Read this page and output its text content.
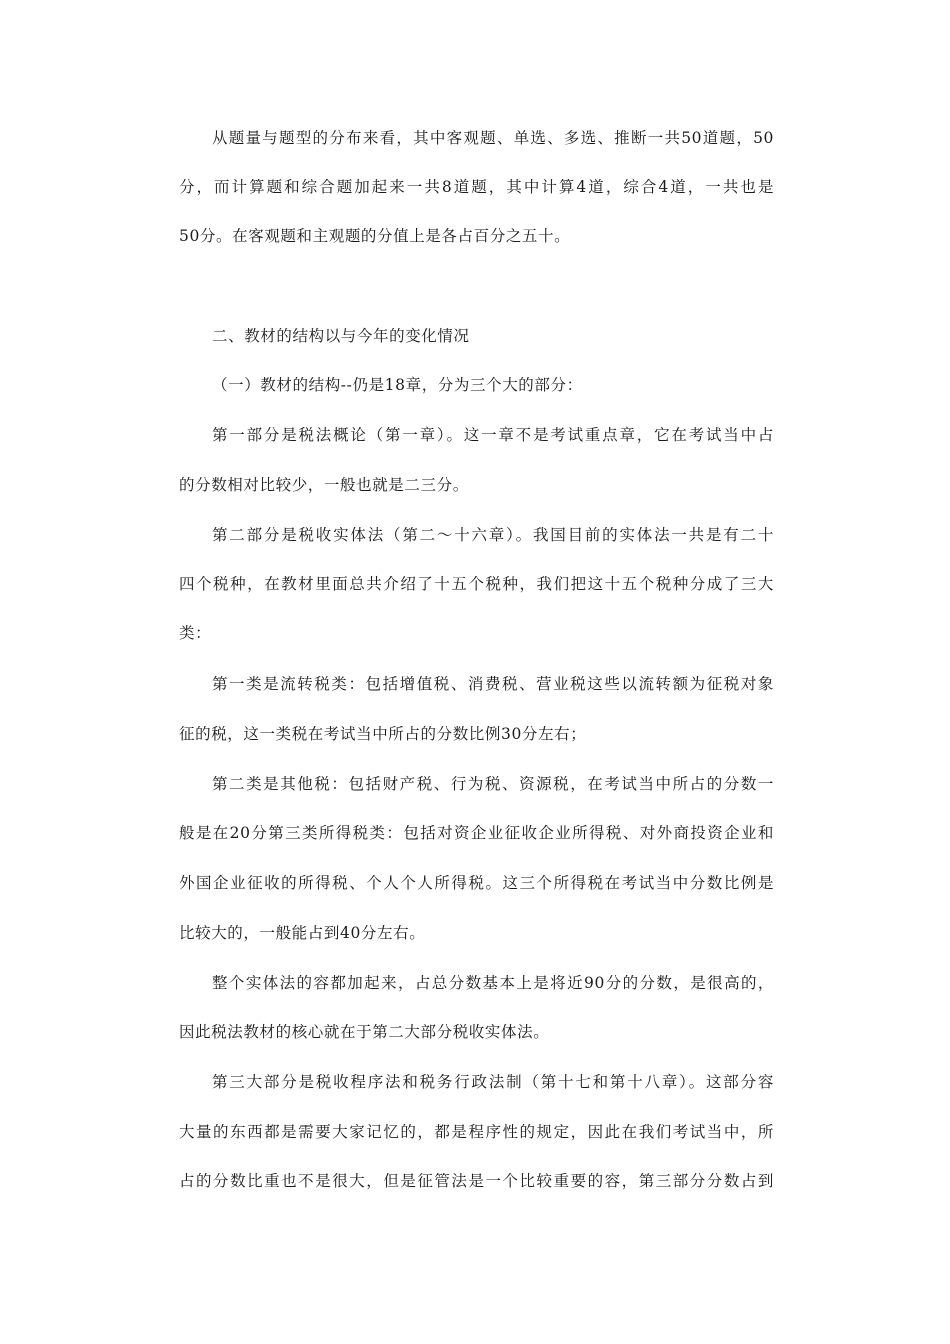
从题量与题型的分布来看，其中客观题、单选、多选、推断一共50道题，50
分，而计算题和综合题加起来一共8道题，其中计算4道，综合4道，一共也是
50分。在客观题和主观题的分值上是各占百分之五十。
二、教材的结构以与今年的变化情况
（一）教材的结构--仍是18章，分为三个大的部分：
第一部分是税法概论（第一章）。这一章不是考试重点章，它在考试当中占
的分数相对比较少，一般也就是二三分。
第二部分是税收实体法（第二～十六章）。我国目前的实体法一共是有二十
四个税种，在教材里面总共介绍了十五个税种，我们把这十五个税种分成了三大
类：
第一类是流转税类：包括增值税、消费税、营业税这些以流转额为征税对象
征的税，这一类税在考试当中所占的分数比例30分左右；
第二类是其他税：包括财产税、行为税、资源税，在考试当中所占的分数一
般是在20分第三类所得税类：包括对资企业征收企业所得税、对外商投资企业和
外国企业征收的所得税、个人个人所得税。这三个所得税在考试当中分数比例是
比较大的，一般能占到40分左右。
整个实体法的容都加起来，占总分数基本上是将近90分的分数，是很高的，
因此税法教材的核心就在于第二大部分税收实体法。
第三大部分是税收程序法和税务行政法制（第十七和第十八章）。这部分容
大量的东西都是需要大家记忆的，都是程序性的规定，因此在我们考试当中，所
占的分数比重也不是很大，但是征管法是一个比较重要的容，第三部分分数占到
